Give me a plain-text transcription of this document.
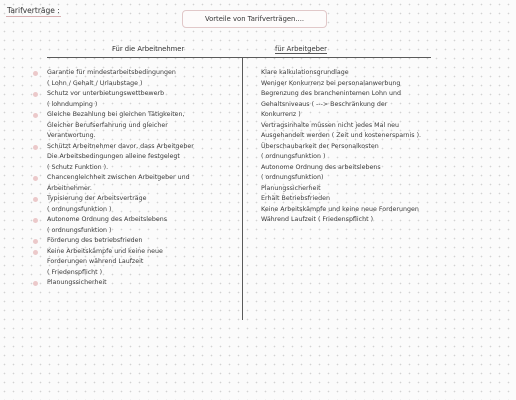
Tarifverträge :
Vorteile von Tarifverträgen....
Für die Arbeitnehmer	für Arbeitgeber
Garantie für mindestarbeitsbedingungen
( Lohn / Gehalt / Urlaubstage )
Schutz vor unterbietungswettbewerb
( lohndumping )
Gleiche Bezahlung bei gleichen Tätigkeiten,
Gleicher Berufserfahrung und gleicher
Verantwortung.
Schützt Arbeitnehmer davor, dass Arbeitgeber
Die Arbeitsbedingungen alleine festgelegt
( Schutz Funktion ).
Chancengleichheit zwischen Arbeitgeber und
Arbeitnehmer.
Typisierung der Arbeitsverträge
( ordnungsfunktion )
Autonome Ordnung des Arbeitslebens
( ordnungsfunktion )
Förderung des betriebsfrieden
Keine Arbeitskämpfe und keine neue
Forderungen während Laufzeit
( Friedenspflicht )
Planungssicherheit
Klare kalkulationsgrundlage
Weniger Konkurrenz bei personalanwerbung
Begrenzung des branchenintemen Lohn und
Gehaltsniveaus ( ---> Beschränkung der
Konkurrenz )
Vertragsinhalte müssen nicht jedes Mal neu
Ausgehandelt werden ( Zeit und kostenersparnis ).
Überschaubarkeit der Personalkosten
( ordnungsfunktion )
Autonome Ordnung des arbeitslebens
( ordnungsfunktion)
Planungssicherheit
Erhält Betriebsfrieden
Keine Arbeitskämpfe und keine neue Forderungen
Während Laufzeit ( Friedenspflicht )
